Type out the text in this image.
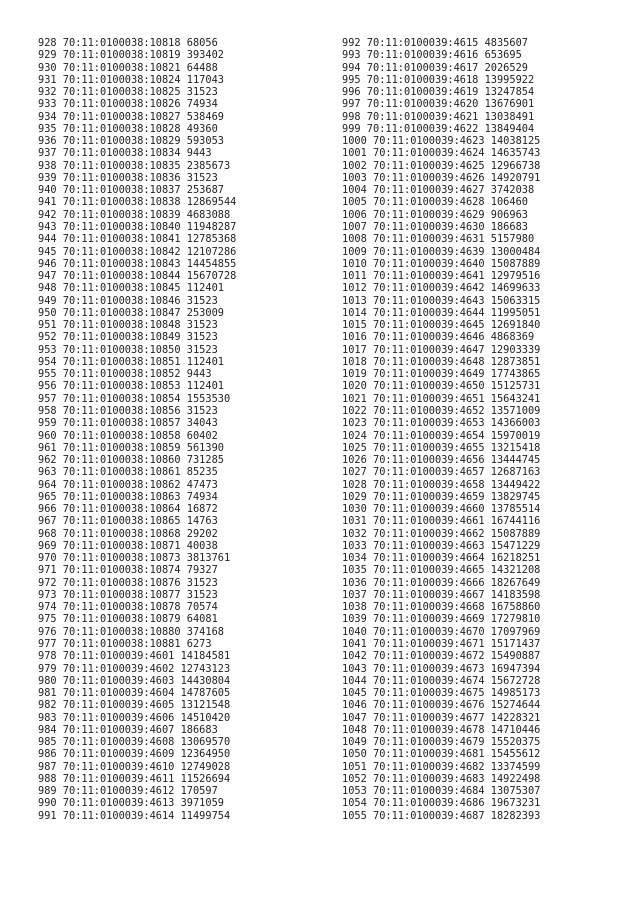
928 70:11:0100038:10818 68056
929 70:11:0100038:10819 393402
930 70:11:0100038:10821 64488
931 70:11:0100038:10824 117043
932 70:11:0100038:10825 31523
933 70:11:0100038:10826 74934
934 70:11:0100038:10827 538469
935 70:11:0100038:10828 49360
936 70:11:0100038:10829 593053
937 70:11:0100038:10834 9443
938 70:11:0100038:10835 2385673
939 70:11:0100038:10836 31523
940 70:11:0100038:10837 253687
941 70:11:0100038:10838 12869544
942 70:11:0100038:10839 4683088
943 70:11:0100038:10840 11948287
944 70:11:0100038:10841 12785368
945 70:11:0100038:10842 12107286
946 70:11:0100038:10843 14454855
947 70:11:0100038:10844 15670728
948 70:11:0100038:10845 112401
949 70:11:0100038:10846 31523
950 70:11:0100038:10847 253009
951 70:11:0100038:10848 31523
952 70:11:0100038:10849 31523
953 70:11:0100038:10850 31523
954 70:11:0100038:10851 112401
955 70:11:0100038:10852 9443
956 70:11:0100038:10853 112401
957 70:11:0100038:10854 1553530
958 70:11:0100038:10856 31523
959 70:11:0100038:10857 34043
960 70:11:0100038:10858 60402
961 70:11:0100038:10859 561390
962 70:11:0100038:10860 731285
963 70:11:0100038:10861 85235
964 70:11:0100038:10862 47473
965 70:11:0100038:10863 74934
966 70:11:0100038:10864 16872
967 70:11:0100038:10865 14763
968 70:11:0100038:10868 29202
969 70:11:0100038:10871 40038
970 70:11:0100038:10873 3813761
971 70:11:0100038:10874 79327
972 70:11:0100038:10876 31523
973 70:11:0100038:10877 31523
974 70:11:0100038:10878 70574
975 70:11:0100038:10879 64081
976 70:11:0100038:10880 374168
977 70:11:0100038:10881 6273
978 70:11:0100039:4601 14184581
979 70:11:0100039:4602 12743123
980 70:11:0100039:4603 14430804
981 70:11:0100039:4604 14787605
982 70:11:0100039:4605 13121548
983 70:11:0100039:4606 14510420
984 70:11:0100039:4607 186683
985 70:11:0100039:4608 13069570
986 70:11:0100039:4609 12364950
987 70:11:0100039:4610 12749028
988 70:11:0100039:4611 11526694
989 70:11:0100039:4612 170597
990 70:11:0100039:4613 3971059
991 70:11:0100039:4614 11499754
992 70:11:0100039:4615 4835607
993 70:11:0100039:4616 653695
994 70:11:0100039:4617 2026529
995 70:11:0100039:4618 13995922
996 70:11:0100039:4619 13247854
997 70:11:0100039:4620 13676901
998 70:11:0100039:4621 13038491
999 70:11:0100039:4622 13849404
1000 70:11:0100039:4623 14038125
1001 70:11:0100039:4624 14635743
1002 70:11:0100039:4625 12966738
1003 70:11:0100039:4626 14920791
1004 70:11:0100039:4627 3742038
1005 70:11:0100039:4628 106460
1006 70:11:0100039:4629 906963
1007 70:11:0100039:4630 186683
1008 70:11:0100039:4631 5157980
1009 70:11:0100039:4639 13000484
1010 70:11:0100039:4640 15087889
1011 70:11:0100039:4641 12979516
1012 70:11:0100039:4642 14699633
1013 70:11:0100039:4643 15063315
1014 70:11:0100039:4644 11995051
1015 70:11:0100039:4645 12691840
1016 70:11:0100039:4646 4868369
1017 70:11:0100039:4647 12903339
1018 70:11:0100039:4648 12873851
1019 70:11:0100039:4649 17743865
1020 70:11:0100039:4650 15125731
1021 70:11:0100039:4651 15643241
1022 70:11:0100039:4652 13571009
1023 70:11:0100039:4653 14366003
1024 70:11:0100039:4654 15970019
1025 70:11:0100039:4655 13215418
1026 70:11:0100039:4656 13444745
1027 70:11:0100039:4657 12687163
1028 70:11:0100039:4658 13449422
1029 70:11:0100039:4659 13829745
1030 70:11:0100039:4660 13785514
1031 70:11:0100039:4661 16744116
1032 70:11:0100039:4662 15087889
1033 70:11:0100039:4663 15471229
1034 70:11:0100039:4664 16218251
1035 70:11:0100039:4665 14321208
1036 70:11:0100039:4666 18267649
1037 70:11:0100039:4667 14183598
1038 70:11:0100039:4668 16758860
1039 70:11:0100039:4669 17279810
1040 70:11:0100039:4670 17097969
1041 70:11:0100039:4671 15171437
1042 70:11:0100039:4672 15490887
1043 70:11:0100039:4673 16947394
1044 70:11:0100039:4674 15672728
1045 70:11:0100039:4675 14985173
1046 70:11:0100039:4676 15274644
1047 70:11:0100039:4677 14228321
1048 70:11:0100039:4678 14710446
1049 70:11:0100039:4679 15520375
1050 70:11:0100039:4681 15455612
1051 70:11:0100039:4682 13374599
1052 70:11:0100039:4683 14922498
1053 70:11:0100039:4684 13075307
1054 70:11:0100039:4686 19673231
1055 70:11:0100039:4687 18282393
